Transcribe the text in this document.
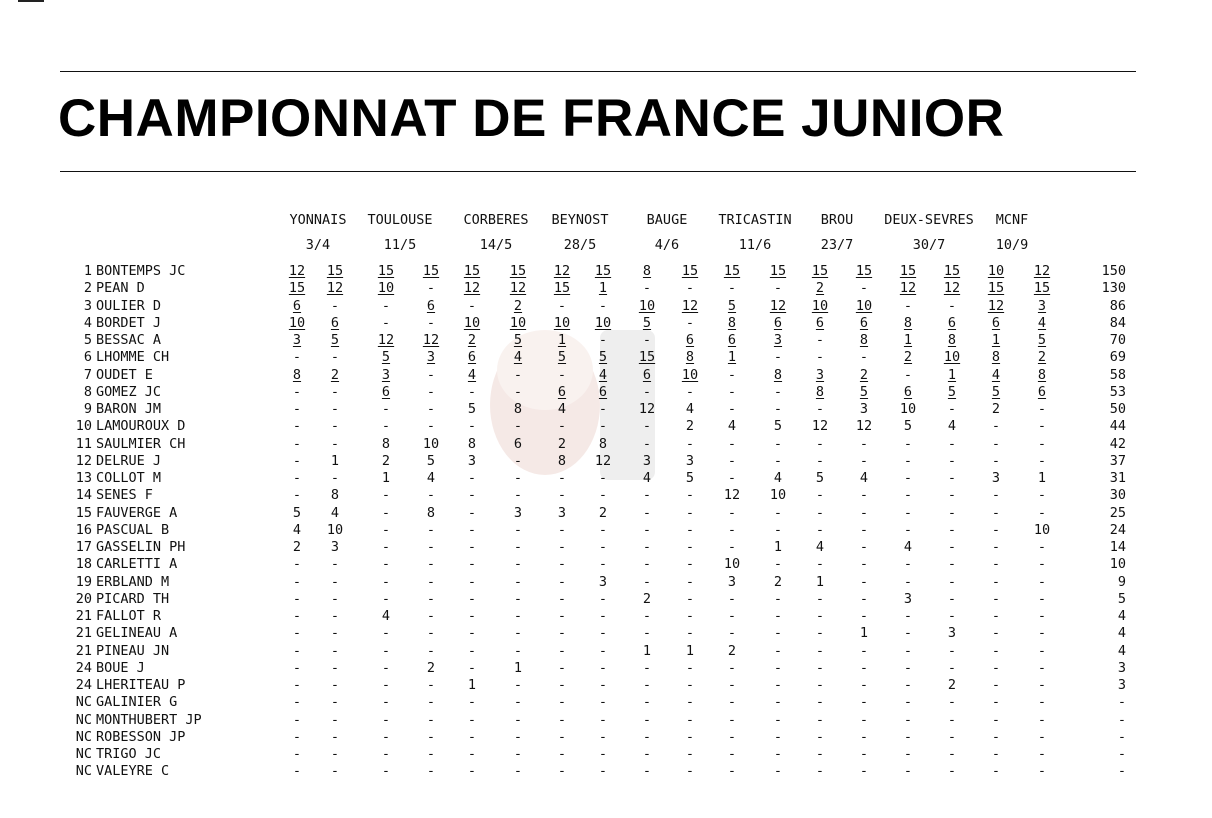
CHAMPIONNAT DE FRANCE JUNIOR
YONNAIS
3/4
TOULOUSE
11/5
CORBERES
14/5
BEYNOST
28/5
BAUGE
4/6
TRICASTIN
11/6
BROU
23/7
DEUX-SEVRES
30/7
MCNF
10/9
1 BONTEMPS JC	12	15	15	15	15	15	12	15	8	15	15	15	15	15	15	15	10	12	150
2 PEAN D	15	12	10	-	12	12	15	1	-	-	-	-	2	-	12	12	15	15	130
3 OULIER D	6	-	-	6	-	2	-	-	10	12	5	12	10	10	-	-	12	3	86
4 BORDET J	10	6	-	-	10	10	10	10	5	-	8	6	6	6	8	6	6	4	84
5 BESSAC A	3	5	12	12	2	5	1	-	-	6	6	3	-	8	1	8	1	5	70
6 LHOMME CH	-	-	5	3	6	4	5	5	15	8	1	-	-	-	2	10	8	2	69
7 OUDET E	8	2	3	-	4	-	-	4	6	10	-	8	3	2	-	1	4	8	58
8 GOMEZ JC	-	-	6	-	-	-	6	6	-	-	-	-	8	5	6	5	5	6	53
9 BARON JM	-	-	-	-	5	8	4	-	12	4	-	-	-	3	10	-	2	-	50
10 LAMOUROUX D	-	-	-	-	-	-	-	-	-	2	4	5	12	12	5	4	-	-	44
11 SAULMIER CH	-	-	8	10	8	6	2	8	-	-	-	-	-	-	-	-	-	-	42
12 DELRUE J	-	1	2	5	3	-	8	12	3	3	-	-	-	-	-	-	-	-	37
13 COLLOT M	-	-	1	4	-	-	-	-	4	5	-	4	5	4	-	-	3	1	31
14 SENES F	-	8	-	-	-	-	-	-	-	-	12	10	-	-	-	-	-	-	30
15 FAUVERGE A	5	4	-	8	-	3	3	2	-	-	-	-	-	-	-	-	-	-	25
16 PASCUAL B	4	10	-	-	-	-	-	-	-	-	-	-	-	-	-	-	-	10	24
17 GASSELIN PH	2	3	-	-	-	-	-	-	-	-	-	1	4	-	4	-	-	-	14
18 CARLETTI A	-	-	-	-	-	-	-	-	-	-	10	-	-	-	-	-	-	-	10
19 ERBLAND M	-	-	-	-	-	-	-	3	-	-	3	2	1	-	-	-	-	-	9
20 PICARD TH	-	-	-	-	-	-	-	-	2	-	-	-	-	-	3	-	-	-	5
21 FALLOT R	-	-	4	-	-	-	-	-	-	-	-	-	-	-	-	-	-	-	4
21 GELINEAU A	-	-	-	-	-	-	-	-	-	-	-	-	-	1	-	3	-	-	4
21 PINEAU JN	-	-	-	-	-	-	-	-	1	1	2	-	-	-	-	-	-	-	4
24 BOUE J	-	-	-	2	-	1	-	-	-	-	-	-	-	-	-	-	-	-	3
24 LHERITEAU P	-	-	-	-	1	-	-	-	-	-	-	-	-	-	-	2	-	-	3
NC GALINIER G	-	-	-	-	-	-	-	-	-	-	-	-	-	-	-	-	-	-	-
NC MONTHUBERT JP	-	-	-	-	-	-	-	-	-	-	-	-	-	-	-	-	-	-	-
NC ROBESSON JP	-	-	-	-	-	-	-	-	-	-	-	-	-	-	-	-	-	-	-
NC TRIGO JC	-	-	-	-	-	-	-	-	-	-	-	-	-	-	-	-	-	-	-
NC VALEYRE C	-	-	-	-	-	-	-	-	-	-	-	-	-	-	-	-	-	-	-
